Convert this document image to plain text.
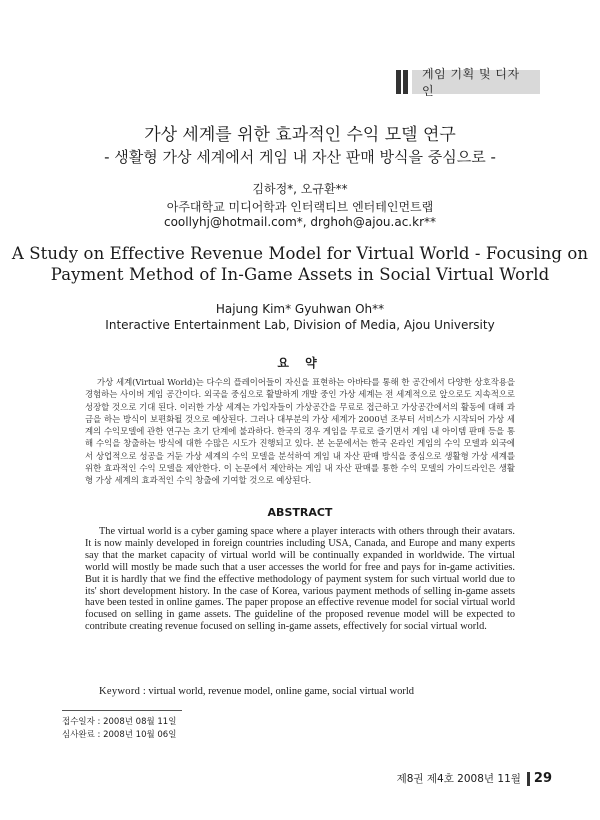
게임 기획 및 디자인
가상 세계를 위한 효과적인 수익 모델 연구
- 생활형 가상 세계에서 게임 내 자산 판매 방식을 중심으로 -
김하정*, 오규환**
아주대학교 미디어학과 인터랙티브 엔터테인먼트랩
coollyhj@hotmail.com*, drghoh@ajou.ac.kr**
A Study on Effective Revenue Model for Virtual World - Focusing on
Payment Method of In-Game Assets in Social Virtual World
Hajung Kim* Gyuhwan Oh**
Interactive Entertainment Lab, Division of Media, Ajou University
요 약
가상 세계(Virtual World)는 다수의 플레이어들이 자신을 표현하는 아바타를 통해 한 공간에서 다양한 상호작용을 경험하는 사이버 게임 공간이다. 외국을 중심으로 활발하게 개발 중인 가상 세계는 전 세계적으로 앞으로도 지속적으로 성장할 것으로 기대 된다. 이러한 가상 세계는 가입자들이 가상공간을 무료로 접근하고 가상공간에서의 활동에 대해 과금을 하는 방식이 보편화될 것으로 예상된다. 그러나 대부분의 가상 세계가 2000년 조부터 서비스가 시작되어 가상 세계의 수익모델에 관한 연구는 초기 단계에 불과하다. 한국의 경우 게임을 무료로 즐기면서 게임 내 아이템 판매 등을 통해 수익을 창출하는 방식에 대한 수많은 시도가 진행되고 있다. 본 논문에서는 한국 온라인 게임의 수익 모델과 외국에서 상업적으로 성공을 거둔 가상 세계의 수익 모델을 분석하여 게임 내 자산 판매 방식을 중심으로 생활형 가상 세계를 위한 효과적인 수익 모델을 제안한다. 이 논문에서 제안하는 게임 내 자산 판매를 통한 수익 모델의 가이드라인은 생활형 가상 세계의 효과적인 수익 창출에 기여할 것으로 예상된다.
ABSTRACT
The virtual world is a cyber gaming space where a player interacts with others through their avatars. It is now mainly developed in foreign countries including USA, Canada, and Europe and many experts say that the market capacity of virtual world will be continually expanded in worldwide. The virtual world will mostly be made such that a user accesses the world for free and pays for in-game activities. But it is hardly that we find the effective methodology of payment system for such virtual world due to its' short development history. In the case of Korea, various payment methods of selling in-game assets have been tested in online games. The paper propose an effective revenue model for social virtual world focused on selling in game assets. The guideline of the proposed revenue model will be expected to contribute creating revenue focused on selling in-game assets, effectively for social virtual world.
Keyword : virtual world, revenue model, online game, social virtual world
접수일자 : 2008년 08월 11일
심사완료 : 2008년 10월 06일
제8권 제4호 2008년 11월 29
